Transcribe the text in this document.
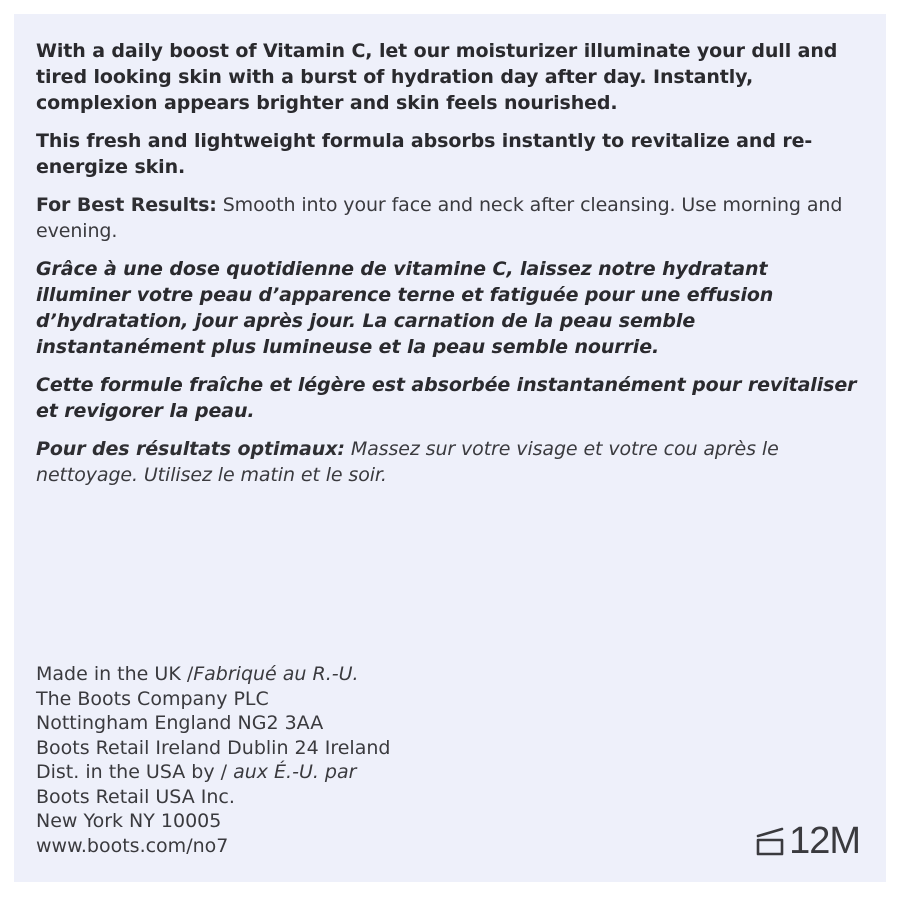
With a daily boost of Vitamin C, let our moisturizer illuminate your dull and tired looking skin with a burst of hydration day after day. Instantly, complexion appears brighter and skin feels nourished.

This fresh and lightweight formula absorbs instantly to revitalize and re-energize skin.

For Best Results: Smooth into your face and neck after cleansing. Use morning and evening.

Grâce à une dose quotidienne de vitamine C, laissez notre hydratant illuminer votre peau d’apparence terne et fatiguée pour une effusion d’hydratation, jour après jour. La carnation de la peau semble instantanément plus lumineuse et la peau semble nourrie.

Cette formule fraîche et légère est absorbée instantanément pour revitaliser et revigorer la peau.

Pour des résultats optimaux: Massez sur votre visage et votre cou après le nettoyage. Utilisez le matin et le soir.

Made in the UK /Fabriqué au R.-U.
The Boots Company PLC
Nottingham England NG2 3AA
Boots Retail Ireland Dublin 24 Ireland
Dist. in the USA by / aux É.-U. par
Boots Retail USA Inc.
New York NY 10005
www.boots.com/no7	12M
